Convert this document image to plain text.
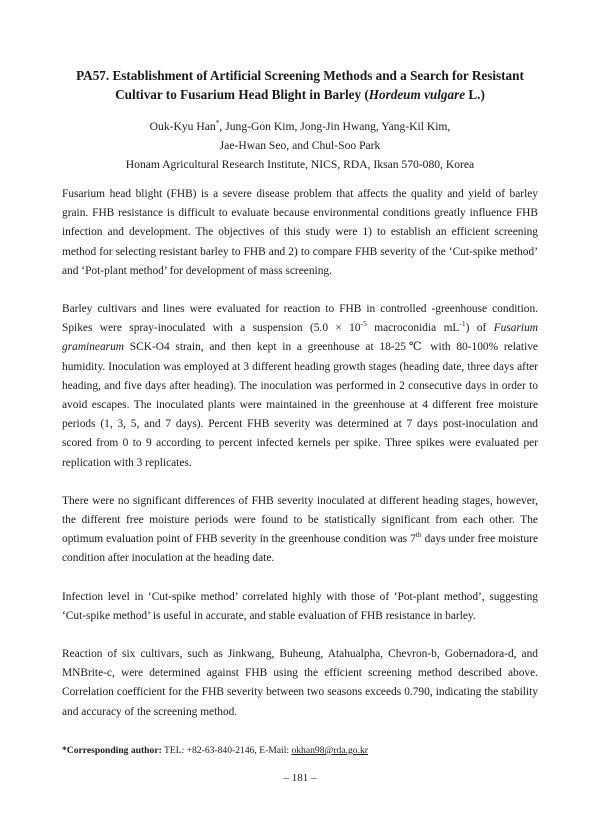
PA57. Establishment of Artificial Screening Methods and a Search for Resistant
Cultivar to Fusarium Head Blight in Barley (Hordeum vulgare L.)
Ouk-Kyu Han*, Jung-Gon Kim, Jong-Jin Hwang, Yang-Kil Kim,
Jae-Hwan Seo, and Chul-Soo Park
Honam Agricultural Research Institute, NICS, RDA, Iksan 570-080, Korea

Fusarium head blight (FHB) is a severe disease problem that affects the quality and yield of barley grain. FHB resistance is difficult to evaluate because environmental conditions greatly influence FHB infection and development. The objectives of this study were 1) to establish an efficient screening method for selecting resistant barley to FHB and 2) to compare FHB severity of the ‘Cut-spike method’ and ‘Pot-plant method’ for development of mass screening.

Barley cultivars and lines were evaluated for reaction to FHB in controlled -greenhouse condition. Spikes were spray-inoculated with a suspension ($5.0 \times 10^{-5}$ macroconidia $mL^{-1}$) of Fusarium graminearum SCK-O4 strain, and then kept in a greenhouse at 18-25℃ with 80-100% relative humidity. Inoculation was employed at 3 different heading growth stages (heading date, three days after heading, and five days after heading). The inoculation was performed in 2 consecutive days in order to avoid escapes. The inoculated plants were maintained in the greenhouse at 4 different free moisture periods (1, 3, 5, and 7 days). Percent FHB severity was determined at 7 days post-inoculation and scored from 0 to 9 according to percent infected kernels per spike. Three spikes were evaluated per replication with 3 replicates.

There were no significant differences of FHB severity inoculated at different heading stages, however, the different free moisture periods were found to be statistically significant from each other. The optimum evaluation point of FHB severity in the greenhouse condition was 7th days under free moisture condition after inoculation at the heading date.

Infection level in ‘Cut-spike method’ correlated highly with those of ‘Pot-plant method’, suggesting ‘Cut-spike method’ is useful in accurate, and stable evaluation of FHB resistance in barley.

Reaction of six cultivars, such as Jinkwang, Buheung, Atahualpha, Chevron-b, Gobernadora-d, and MNBrite-c, were determined against FHB using the efficient screening method described above. Correlation coefficient for the FHB severity between two seasons exceeds 0.790, indicating the stability and accuracy of the screening method.

*Corresponding author: TEL: +82-63-840-2146, E-Mail: okhan98@rda.go.kr
– 181 –
